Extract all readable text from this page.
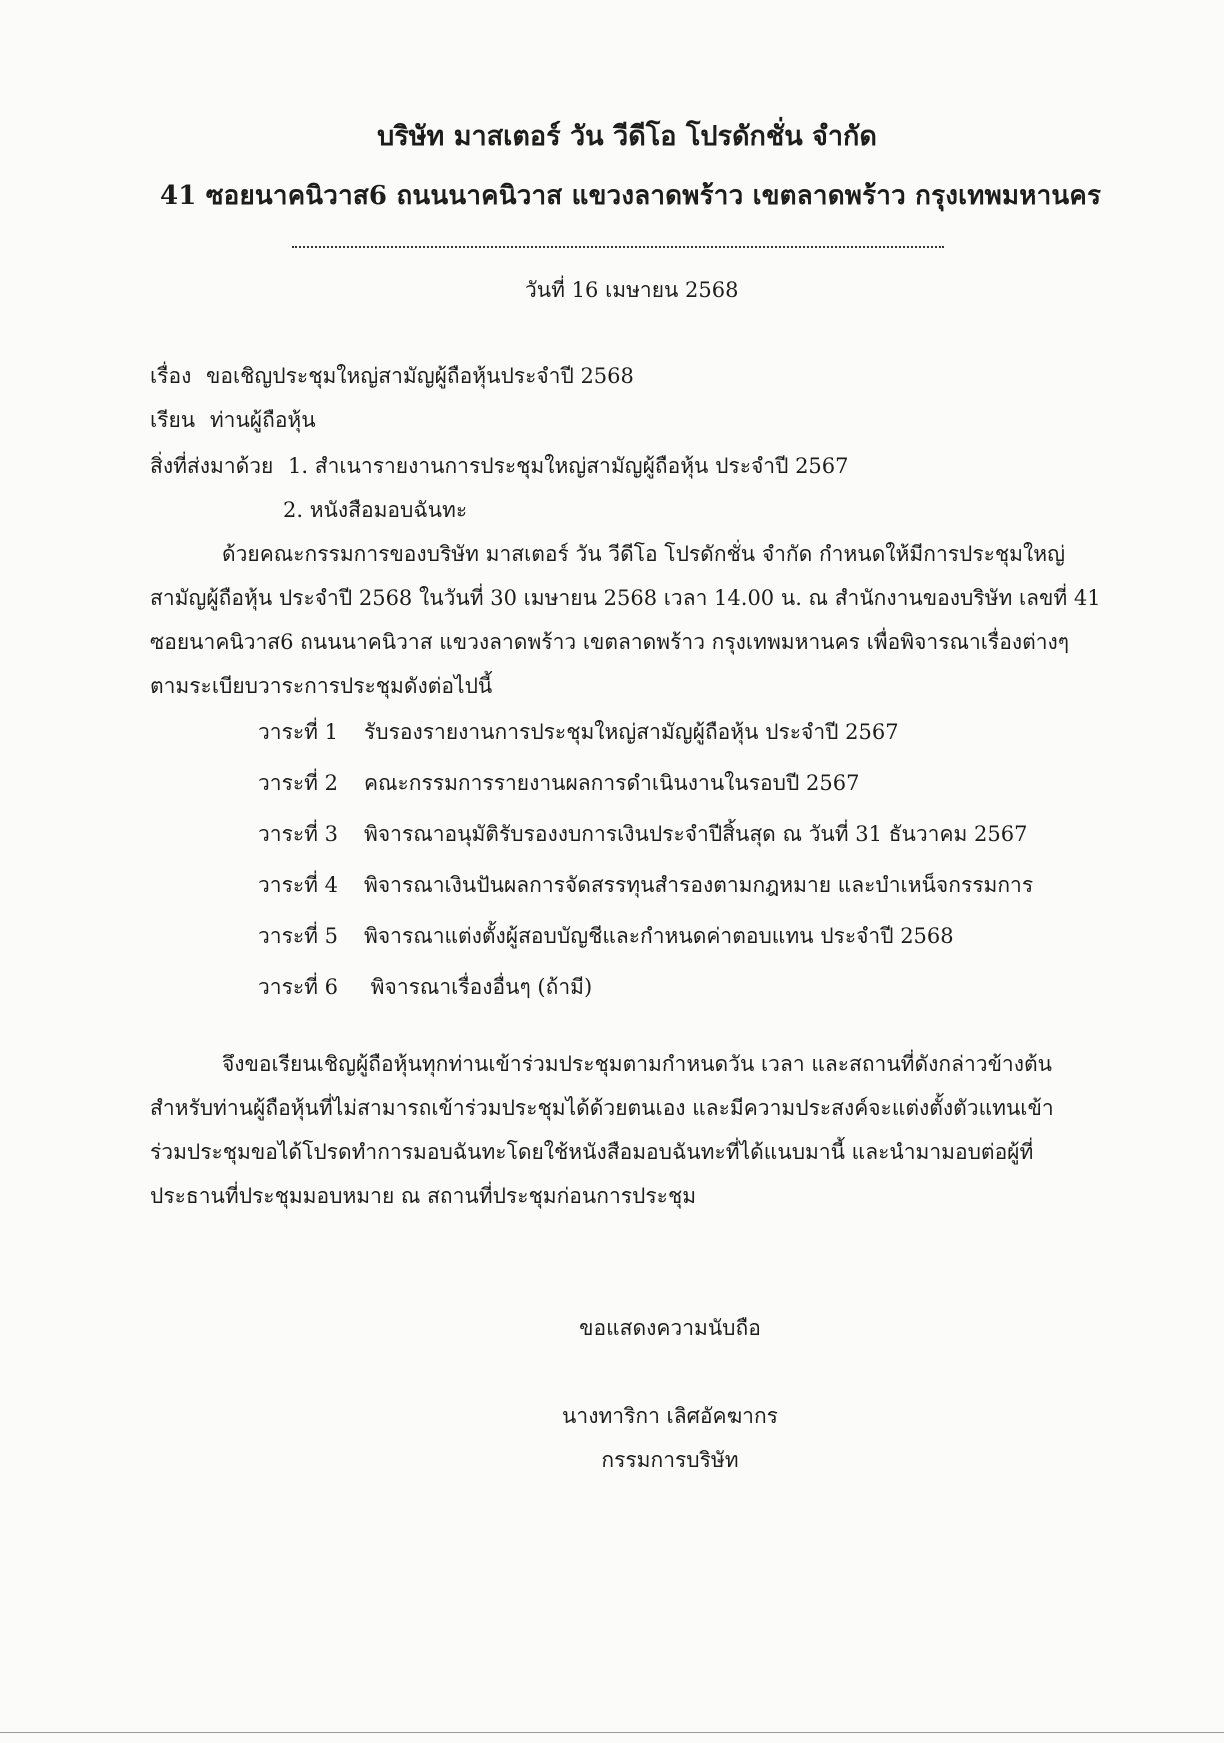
บริษัท มาสเตอร์ วัน วีดีโอ โปรดักชั่น จำกัด
41 ซอยนาคนิวาส6 ถนนนาคนิวาส แขวงลาดพร้าว เขตลาดพร้าว กรุงเทพมหานคร
วันที่ 16 เมษายน 2568
เรื่อง ขอเชิญประชุมใหญ่สามัญผู้ถือหุ้นประจำปี 2568
เรียน ท่านผู้ถือหุ้น
สิ่งที่ส่งมาด้วย 1. สำเนารายงานการประชุมใหญ่สามัญผู้ถือหุ้น ประจำปี 2567
2. หนังสือมอบฉันทะ
ด้วยคณะกรรมการของบริษัท มาสเตอร์ วัน วีดีโอ โปรดักชั่น จำกัด กำหนดให้มีการประชุมใหญ่
สามัญผู้ถือหุ้น ประจำปี 2568 ในวันที่ 30 เมษายน 2568 เวลา 14.00 น. ณ สำนักงานของบริษัท เลขที่ 41
ซอยนาคนิวาส6 ถนนนาคนิวาส แขวงลาดพร้าว เขตลาดพร้าว กรุงเทพมหานคร เพื่อพิจารณาเรื่องต่างๆ
ตามระเบียบวาระการประชุมดังต่อไปนี้
วาระที่ 1 รับรองรายงานการประชุมใหญ่สามัญผู้ถือหุ้น ประจำปี 2567
วาระที่ 2 คณะกรรมการรายงานผลการดำเนินงานในรอบปี 2567
วาระที่ 3 พิจารณาอนุมัติรับรองงบการเงินประจำปีสิ้นสุด ณ วันที่ 31 ธันวาคม 2567
วาระที่ 4 พิจารณาเงินปันผลการจัดสรรทุนสำรองตามกฎหมาย และบำเหน็จกรรมการ
วาระที่ 5 พิจารณาแต่งตั้งผู้สอบบัญชีและกำหนดค่าตอบแทน ประจำปี 2568
วาระที่ 6 พิจารณาเรื่องอื่นๆ (ถ้ามี)
จึงขอเรียนเชิญผู้ถือหุ้นทุกท่านเข้าร่วมประชุมตามกำหนดวัน เวลา และสถานที่ดังกล่าวข้างต้น
สำหรับท่านผู้ถือหุ้นที่ไม่สามารถเข้าร่วมประชุมได้ด้วยตนเอง และมีความประสงค์จะแต่งตั้งตัวแทนเข้า
ร่วมประชุมขอได้โปรดทำการมอบฉันทะโดยใช้หนังสือมอบฉันทะที่ได้แนบมานี้ และนำมามอบต่อผู้ที่
ประธานที่ประชุมมอบหมาย ณ สถานที่ประชุมก่อนการประชุม
ขอแสดงความนับถือ
นางทาริกา เลิศอัคฆากร
กรรมการบริษัท
